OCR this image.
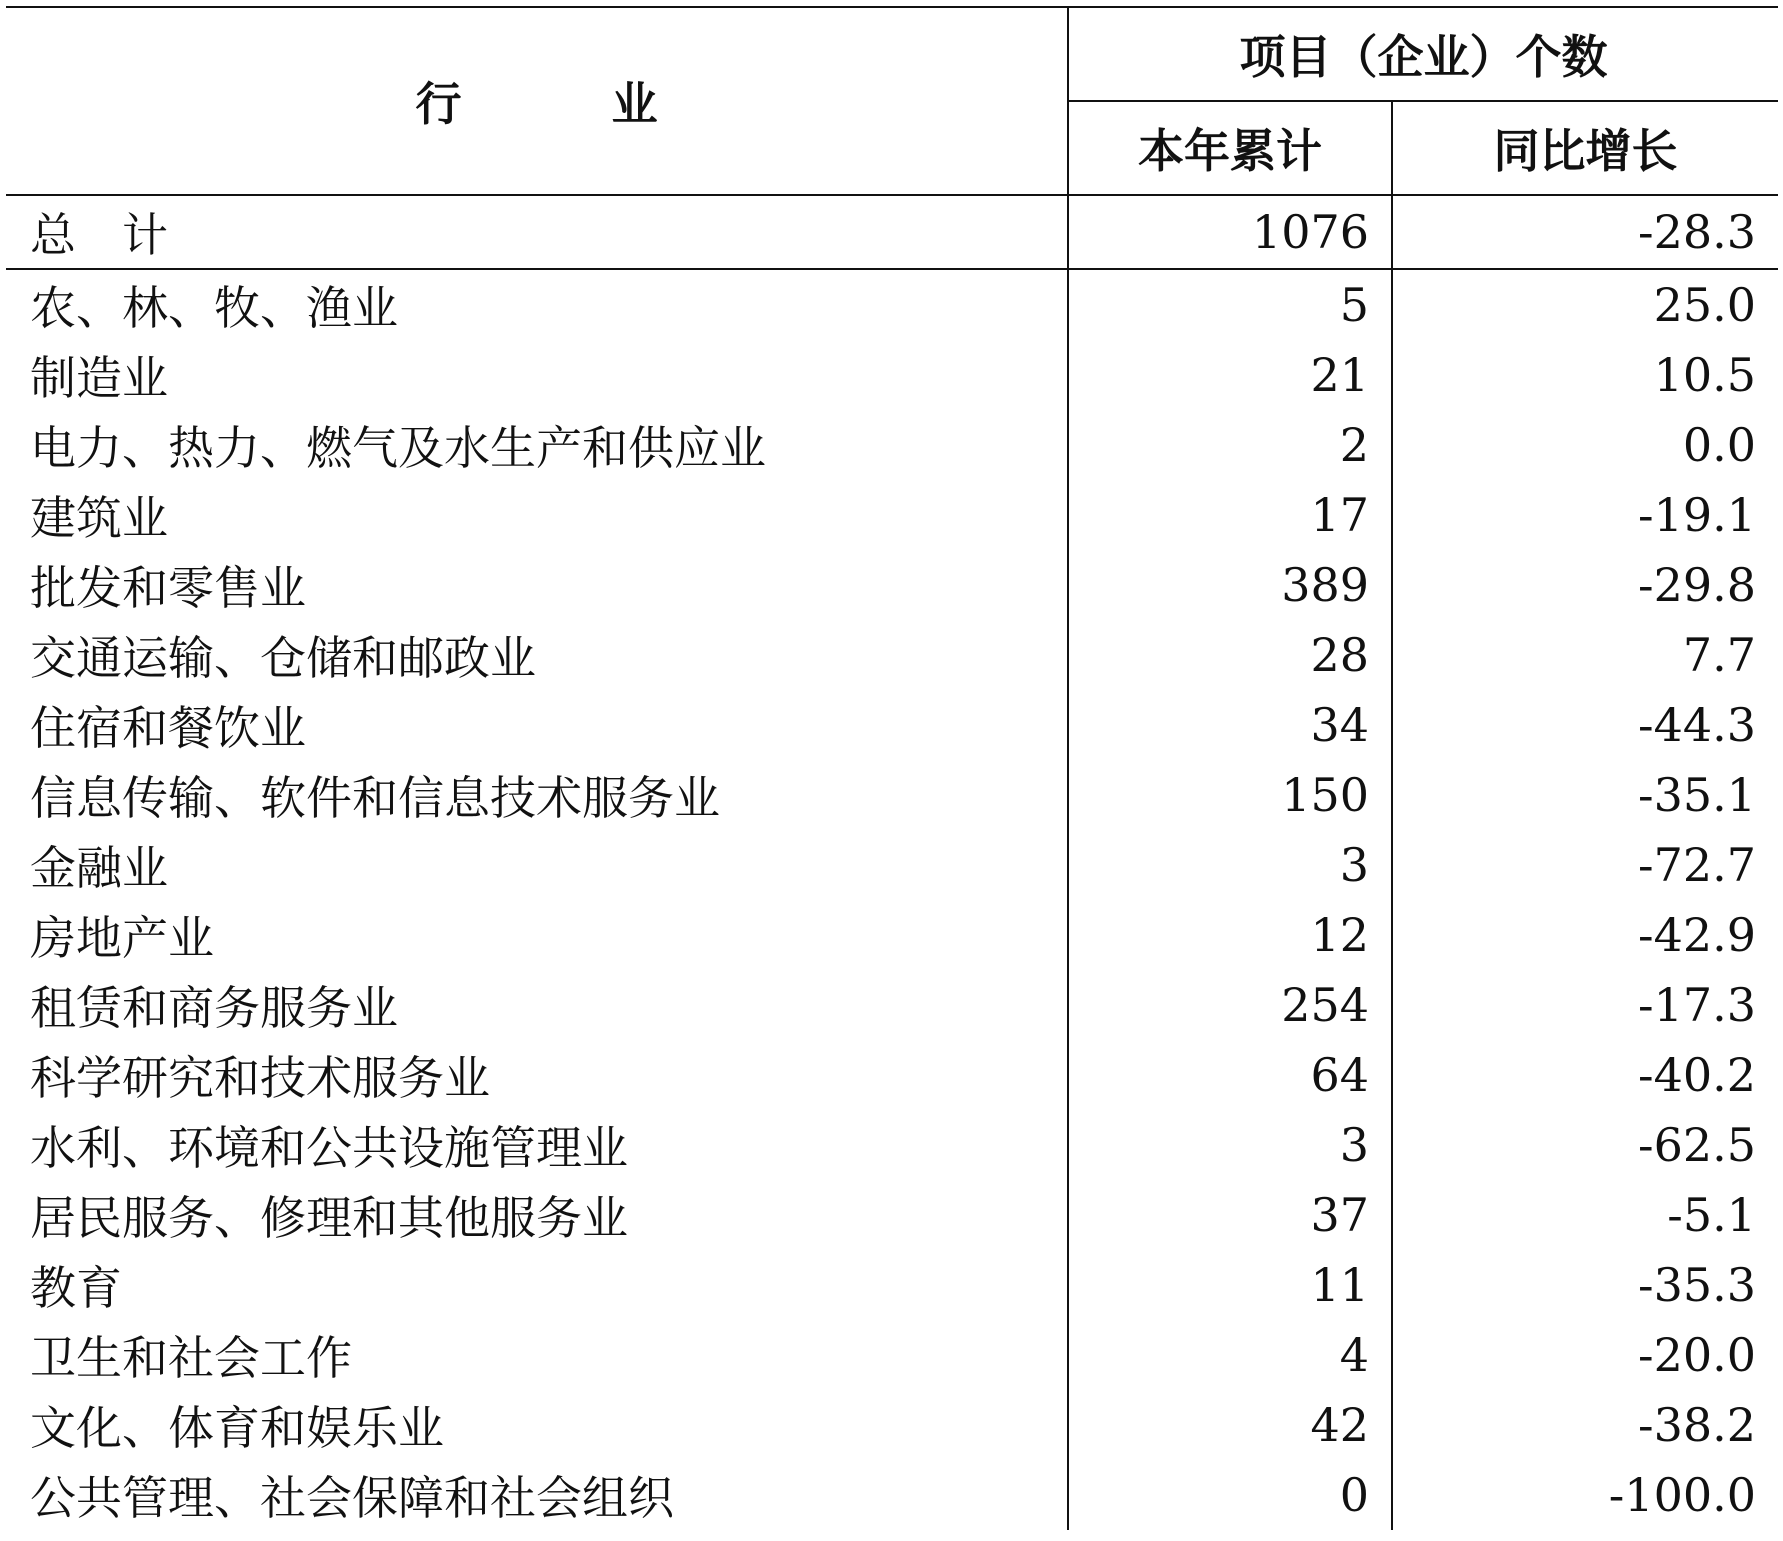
行 业	项目（企业）个数	
	本年累计	同比增长
总 计	1076	-28.3
农、林、牧、渔业	5	25.0
制造业	21	10.5
电力、热力、燃气及水生产和供应业	2	0.0
建筑业	17	-19.1
批发和零售业	389	-29.8
交通运输、仓储和邮政业	28	7.7
住宿和餐饮业	34	-44.3
信息传输、软件和信息技术服务业	150	-35.1
金融业	3	-72.7
房地产业	12	-42.9
租赁和商务服务业	254	-17.3
科学研究和技术服务业	64	-40.2
水利、环境和公共设施管理业	3	-62.5
居民服务、修理和其他服务业	37	-5.1
教育	11	-35.3
卫生和社会工作	4	-20.0
文化、体育和娱乐业	42	-38.2
公共管理、社会保障和社会组织	0	-100.0
